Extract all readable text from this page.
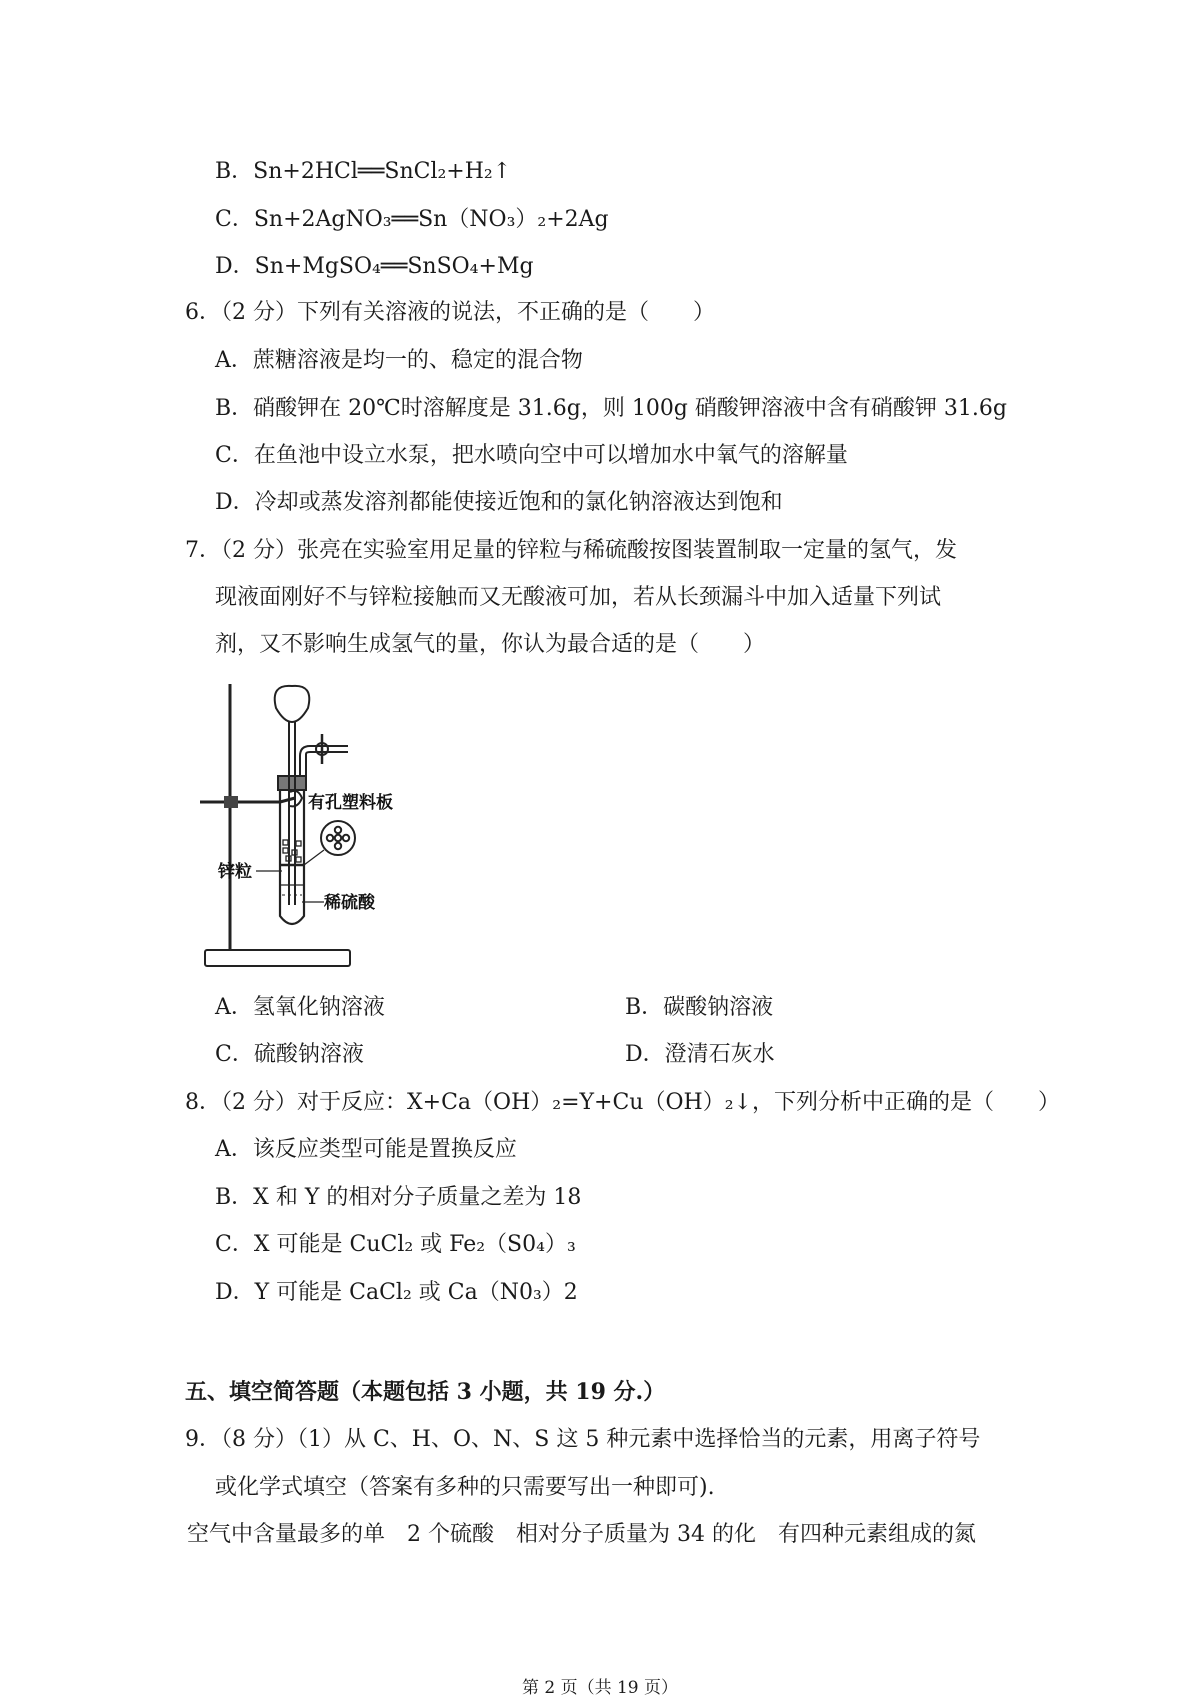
B．Sn+2HCl══SnCl₂+H₂↑
C．Sn+2AgNO₃══Sn（NO₃）₂+2Ag
D．Sn+MgSO₄══SnSO₄+Mg
6．（2 分）下列有关溶液的说法，不正确的是（　　）
A．蔗糖溶液是均一的、稳定的混合物
B．硝酸钾在 20℃时溶解度是 31.6g，则 100g 硝酸钾溶液中含有硝酸钾 31.6g
C．在鱼池中设立水泵，把水喷向空中可以增加水中氧气的溶解量
D．冷却或蒸发溶剂都能使接近饱和的氯化钠溶液达到饱和
7．（2 分）张亮在实验室用足量的锌粒与稀硫酸按图装置制取一定量的氢气，发
现液面刚好不与锌粒接触而又无酸液可加，若从长颈漏斗中加入适量下列试
剂，又不影响生成氢气的量，你认为最合适的是（　　）
有孔塑料板
锌粒
稀硫酸
A．氢氧化钠溶液	B．碳酸钠溶液
C．硫酸钠溶液	D．澄清石灰水
8．（2 分）对于反应：X+Ca（OH）₂=Y+Cu（OH）₂↓，下列分析中正确的是（　　）
A．该反应类型可能是置换反应
B．X 和 Y 的相对分子质量之差为 18
C．X 可能是 CuCl₂ 或 Fe₂（S0₄）₃
D．Y 可能是 CaCl₂ 或 Ca（N0₃）2
五、填空简答题（本题包括 3 小题，共 19 分.）
9．（8 分）（1）从 C、H、O、N、S 这 5 种元素中选择恰当的元素，用离子符号
或化学式填空（答案有多种的只需要写出一种即可).
空气中含量最多的单　2 个硫酸　相对分子质量为 34 的化　有四种元素组成的氮
第 2 页（共 19 页）
